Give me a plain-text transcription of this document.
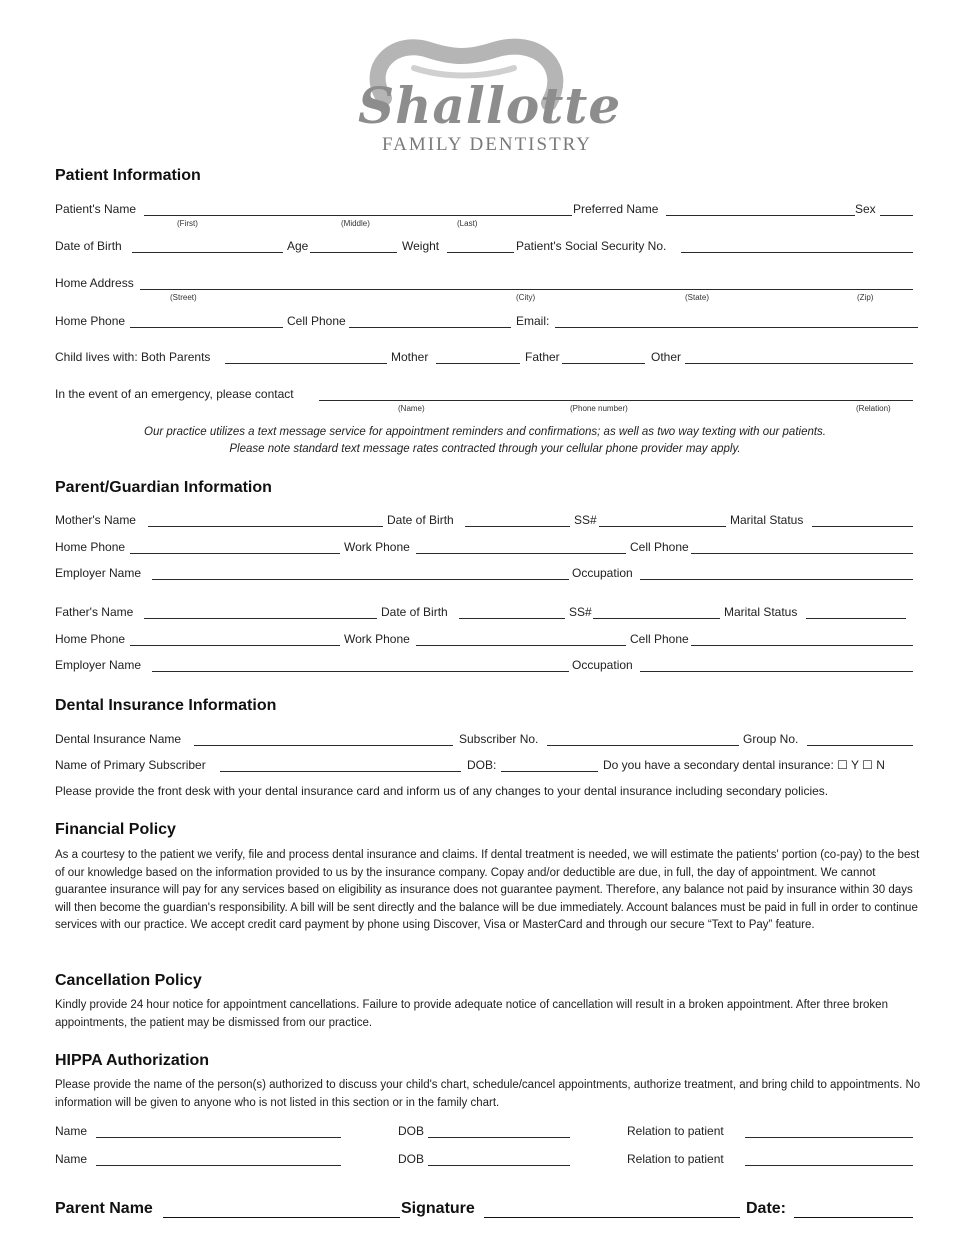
Shallotte
FAMILY DENTISTRY
Patient Information
Patient's Name	Preferred Name	Sex
(First)	(Middle)	(Last)
Date of Birth	Age	Weight	Patient's Social Security No.
Home Address
(Street)	(City)	(State)	(Zip)
Home Phone	Cell Phone	Email:
Child lives with: Both Parents	Mother	Father	Other
In the event of an emergency, please contact
(Name)	(Phone number)	(Relation)
Our practice utilizes a text message service for appointment reminders and confirmations; as well as two way texting with our patients.
Please note standard text message rates contracted through your cellular phone provider may apply.
Parent/Guardian Information
Mother's Name	Date of Birth	SS#	Marital Status
Home Phone	Work Phone	Cell Phone
Employer Name	Occupation
Father's Name	Date of Birth	SS#	Marital Status
Home Phone	Work Phone	Cell Phone
Employer Name	Occupation
Dental Insurance Information
Dental Insurance Name	Subscriber No.	Group No.
Name of Primary Subscriber	DOB:	Do you have a secondary dental insurance: ☐ Y ☐ N
Please provide the front desk with your dental insurance card and inform us of any changes to your dental insurance including secondary policies.
Financial Policy
As a courtesy to the patient we verify, file and process dental insurance and claims. If dental treatment is needed, we will estimate the patients' portion (co-pay) to the best of our knowledge based on the information provided to us by the insurance company. Copay and/or deductible are due, in full, the day of appointment. We cannot guarantee insurance will pay for any services based on eligibility as insurance does not guarantee payment. Therefore, any balance not paid by insurance within 30 days will then become the guardian's responsibility. A bill will be sent directly and the balance will be due immediately. Account balances must be paid in full in order to continue services with our practice. We accept credit card payment by phone using Discover, Visa or MasterCard and through our secure “Text to Pay” feature.
Cancellation Policy
Kindly provide 24 hour notice for appointment cancellations. Failure to provide adequate notice of cancellation will result in a broken appointment. After three broken appointments, the patient may be dismissed from our practice.
HIPPA Authorization
Please provide the name of the person(s) authorized to discuss your child's chart, schedule/cancel appointments, authorize treatment, and bring child to appointments. No information will be given to anyone who is not listed in this section or in the family chart.
Name	DOB	Relation to patient
Name	DOB	Relation to patient
Parent Name	Signature	Date:
